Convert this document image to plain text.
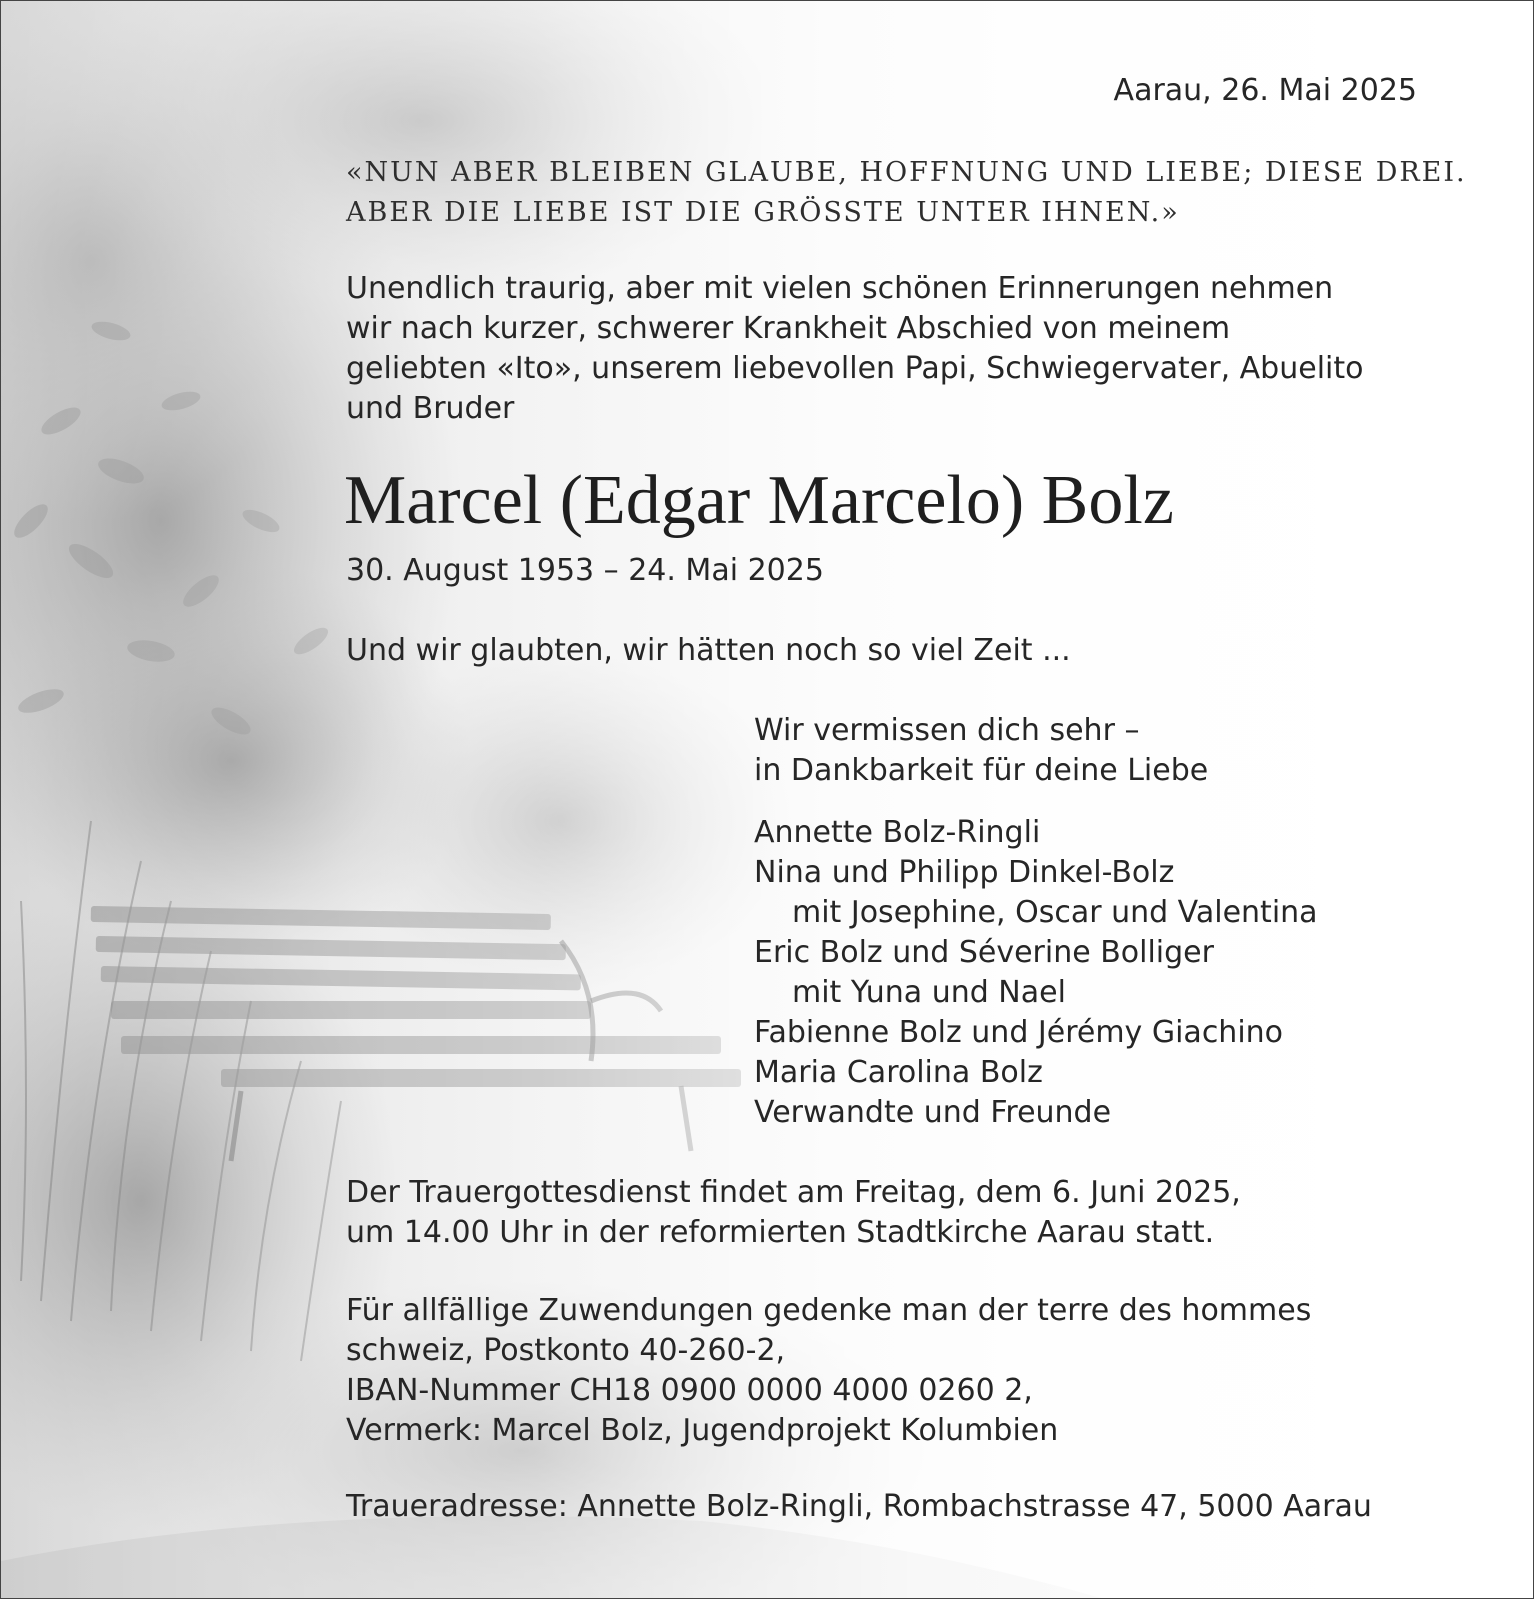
Aarau, 26. Mai 2025
«NUN ABER BLEIBEN GLAUBE, HOFFNUNG UND LIEBE; DIESE DREI.
ABER DIE LIEBE IST DIE GRÖSSTE UNTER IHNEN.»
Unendlich traurig, aber mit vielen schönen Erinnerungen nehmen
wir nach kurzer, schwerer Krankheit Abschied von meinem
geliebten «Ito», unserem liebevollen Papi, Schwiegervater, Abuelito
und Bruder
Marcel (Edgar Marcelo) Bolz
30. August 1953 – 24. Mai 2025
Und wir glaubten, wir hätten noch so viel Zeit ...
Wir vermissen dich sehr –
in Dankbarkeit für deine Liebe
Annette Bolz-Ringli
Nina und Philipp Dinkel-Bolz
mit Josephine, Oscar und Valentina
Eric Bolz und Séverine Bolliger
mit Yuna und Nael
Fabienne Bolz und Jérémy Giachino
Maria Carolina Bolz
Verwandte und Freunde
Der Trauergottesdienst findet am Freitag, dem 6. Juni 2025,
um 14.00 Uhr in der reformierten Stadtkirche Aarau statt.
Für allfällige Zuwendungen gedenke man der terre des hommes
schweiz, Postkonto 40-260-2,
IBAN-Nummer CH18 0900 0000 4000 0260 2,
Vermerk: Marcel Bolz, Jugendprojekt Kolumbien
Traueradresse: Annette Bolz-Ringli, Rombachstrasse 47, 5000 Aarau
